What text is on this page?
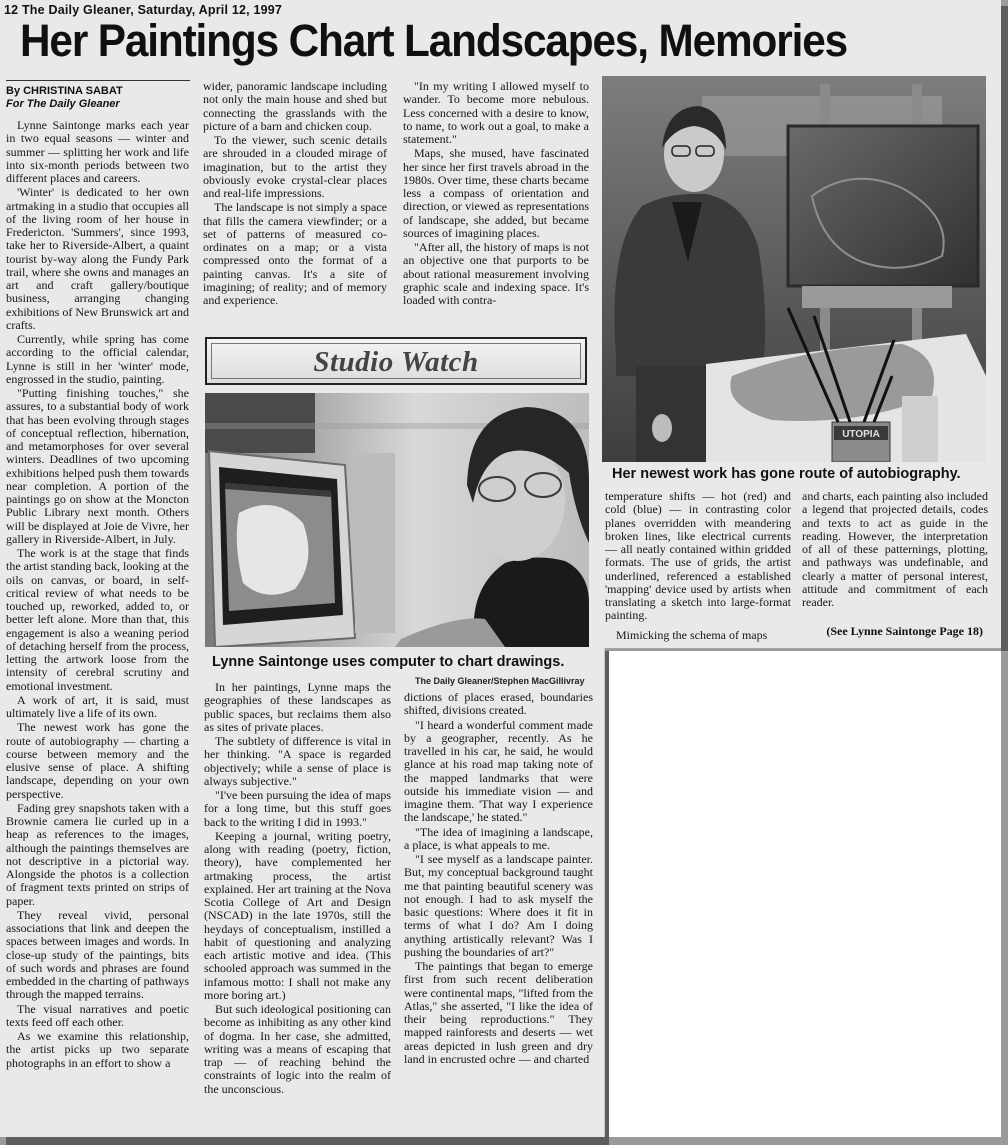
12 The Daily Gleaner, Saturday, April 12, 1997
Her Paintings Chart Landscapes, Memories
By CHRISTINA SABAT
For The Daily Gleaner

Lynne Saintonge marks each year in two equal seasons — winter and summer — splitting her work and life into six-month periods between two different places and careers.

'Winter' is dedicated to her own artmaking in a studio that occupies all of the living room of her house in Fredericton. 'Summers', since 1993, take her to Riverside-Albert, a quaint tourist by-way along the Fundy Park trail, where she owns and manages an art and craft gallery/boutique business, arranging changing exhibitions of New Brunswick art and crafts.

Currently, while spring has come according to the official calendar, Lynne is still in her 'winter' mode, engrossed in the studio, painting.

"Putting finishing touches," she assures, to a substantial body of work that has been evolving through stages of conceptual reflection, hibernation, and metamorphoses for over several winters. Deadlines of two upcoming exhibitions helped push them towards near completion. A portion of the paintings go on show at the Moncton Public Library next month. Others will be displayed at Joie de Vivre, her gallery in Riverside-Albert, in July.

The work is at the stage that finds the artist standing back, looking at the oils on canvas, or board, in self-critical review of what needs to be touched up, reworked, added to, or better left alone. More than that, this engagement is also a weaning period of detaching herself from the process, letting the artwork loose from the intensity of cerebral scrutiny and emotional investment.

A work of art, it is said, must ultimately live a life of its own.

The newest work has gone the route of autobiography — charting a course between memory and the elusive sense of place. A shifting landscape, depending on your own perspective.

Fading grey snapshots taken with a Brownie camera lie curled up in a heap as references to the images, although the paintings themselves are not descriptive in a pictorial way. Alongside the photos is a collection of fragment texts printed on strips of paper.

They reveal vivid, personal associations that link and deepen the spaces between images and words. In close-up study of the paintings, bits of such words and phrases are found embedded in the charting of pathways through the mapped terrains.

The visual narratives and poetic texts feed off each other.

As we examine this relationship, the artist picks up two separate photographs in an effort to show a

wider, panoramic landscape including not only the main house and shed but connecting the grasslands with the picture of a barn and chicken coup.

To the viewer, such scenic details are shrouded in a clouded mirage of imagination, but to the artist they obviously evoke crystal-clear places and real-life impressions.

The landscape is not simply a space that fills the camera viewfinder; or a set of patterns of measured co-ordinates on a map; or a vista compressed onto the format of a painting canvas. It's a site of imagining; of reality; and of memory and experience.

"In my writing I allowed myself to wander. To become more nebulous. Less concerned with a desire to know, to name, to work out a goal, to make a statement."

Maps, she mused, have fascinated her since her first travels abroad in the 1980s. Over time, these charts became less a compass of orientation and direction, or viewed as representations of landscape, she added, but became sources of imagining places.

"After all, the history of maps is not an objective one that purports to be about rational measurement involving graphic scale and indexing space. It's loaded with contra-

Studio Watch
Lynne Saintonge uses computer to chart drawings.
The Daily Gleaner/Stephen MacGillivray
UTOPIA
Her newest work has gone route of autobiography.

In her paintings, Lynne maps the geographies of these landscapes as public spaces, but reclaims them also as sites of private places.

The subtlety of difference is vital in her thinking. "A space is regarded objectively; while a sense of place is always subjective."

"I've been pursuing the idea of maps for a long time, but this stuff goes back to the writing I did in 1993."

Keeping a journal, writing poetry, along with reading (poetry, fiction, theory), have complemented her artmaking process, the artist explained. Her art training at the Nova Scotia College of Art and Design (NSCAD) in the late 1970s, still the heydays of conceptualism, instilled a habit of questioning and analyzing each artistic motive and idea. (This schooled approach was summed in the infamous motto: I shall not make any more boring art.)

But such ideological positioning can become as inhibiting as any other kind of dogma. In her case, she admitted, writing was a means of escaping that trap — of reaching behind the constraints of logic into the realm of the unconscious.

dictions of places erased, boundaries shifted, divisions created.

"I heard a wonderful comment made by a geographer, recently. As he travelled in his car, he said, he would glance at his road map taking note of the mapped landmarks that were outside his immediate vision — and imagine them. 'That way I experience the landscape,' he stated."

"The idea of imagining a landscape, a place, is what appeals to me.

"I see myself as a landscape painter. But, my conceptual background taught me that painting beautiful scenery was not enough. I had to ask myself the basic questions: Where does it fit in terms of what I do? Am I doing anything artistically relevant? Was I pushing the boundaries of art?"

The paintings that began to emerge first from such recent deliberation were continental maps, "lifted from the Atlas," she asserted, "I like the idea of their being reproductions." They mapped rainforests and deserts — wet areas depicted in lush green and dry land in encrusted ochre — and charted

temperature shifts — hot (red) and cold (blue) — in contrasting color planes overridden with meandering broken lines, like electrical currents — all neatly contained within gridded formats. The use of grids, the artist underlined, referenced a established 'mapping' device used by artists when translating a sketch into large-format painting.

Mimicking the schema of maps

and charts, each painting also included a legend that projected details, codes and texts to act as guide in the reading. However, the interpretation of all of these patternings, plotting, and pathways was undefinable, and clearly a matter of personal interest, attitude and commitment of each reader.

(See Lynne Saintonge Page 18)
